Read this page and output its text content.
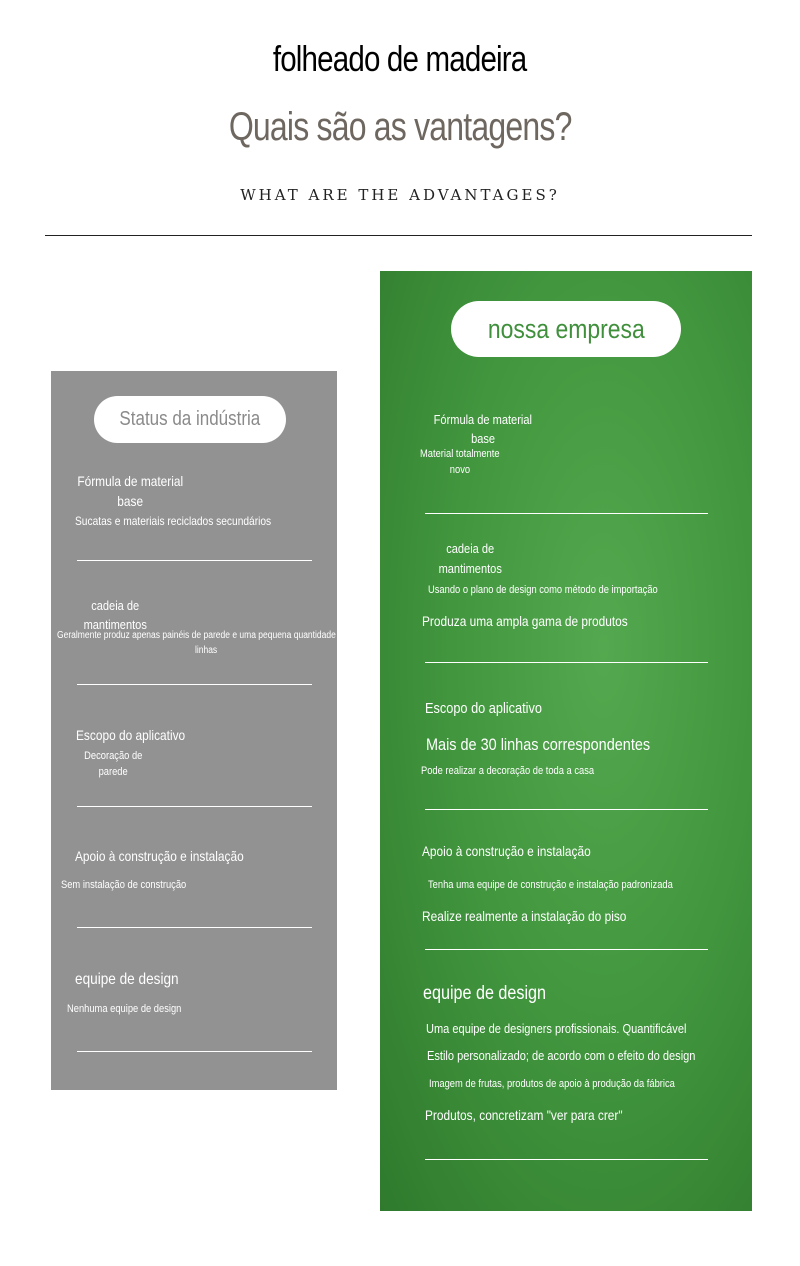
folheado de madeira
Quais são as vantagens?
WHAT ARE THE ADVANTAGES?
Status da indústria
Fórmula de material
base
Sucatas e materiais reciclados secundários
cadeia de
mantimentos
Geralmente produz apenas painéis de parede e uma pequena quantidade de
linhas
Escopo do aplicativo
Decoração de
parede
Apoio à construção e instalação
Sem instalação de construção
equipe de design
Nenhuma equipe de design
nossa empresa
Fórmula de material
base
Material totalmente
novo
cadeia de
mantimentos
Usando o plano de design como método de importação
Produza uma ampla gama de produtos
Escopo do aplicativo
Mais de 30 linhas correspondentes
Pode realizar a decoração de toda a casa
Apoio à construção e instalação
Tenha uma equipe de construção e instalação padronizada
Realize realmente a instalação do piso
equipe de design
Uma equipe de designers profissionais. Quantificável
Estilo personalizado; de acordo com o efeito do design
Imagem de frutas, produtos de apoio à produção da fábrica
Produtos, concretizam "ver para crer"
